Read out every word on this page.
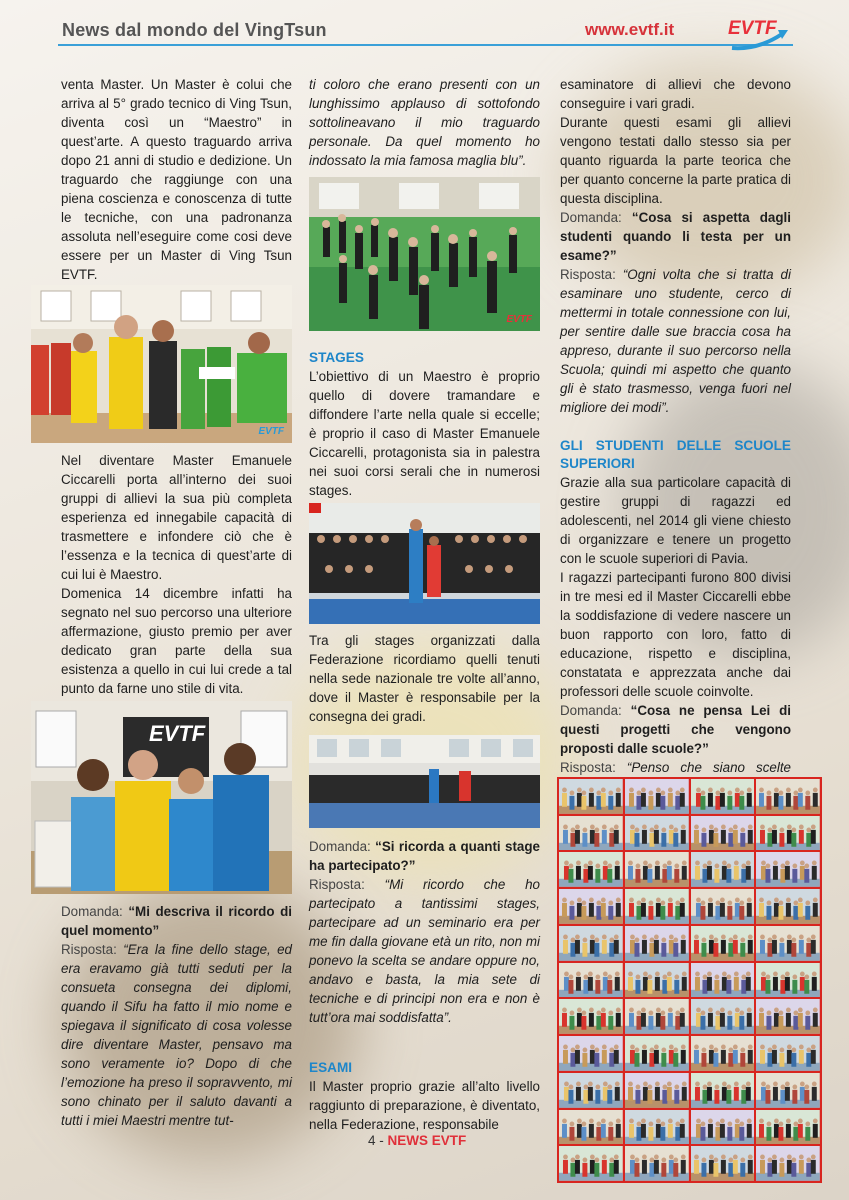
News dal mondo del VingTsun	www.evtf.it	EVTF

venta Master. Un Master è colui che arriva al 5° grado tecnico di Ving Tsun, diventa così un “Maestro” in quest’arte. A questo traguardo arriva dopo 21 anni di studio e dedizione. Un traguardo che raggiunge con una piena coscienza e conoscenza di tutte le tecniche, con una padronanza assoluta nell’eseguire come cosi deve essere per un Master di Ving Tsun EVTF.

EVTF

Nel diventare Master Emanuele Ciccarelli porta all’interno dei suoi gruppi di allievi la sua più completa esperienza ed innegabile capacità di trasmettere e infondere ciò che è l’essenza e la tecnica di quest’arte di cui lui è Maestro.

Domenica 14 dicembre infatti ha segnato nel suo percorso una ulteriore affermazione, giusto premio per aver dedicato gran parte della sua esistenza a quello in cui lui crede a tal punto da farne uno stile di vita.

EVTF

Domanda: “Mi descriva il ricordo di quel momento”

Risposta: “Era la fine dello stage, ed era eravamo già tutti seduti per la consueta consegna dei diplomi, quando il Sifu ha fatto il mio nome e spiegava il significato di cosa volesse dire diventare Master, pensavo ma sono veramente io? Dopo di che l’emozione ha preso il sopravvento, mi sono chinato per il saluto davanti a tutti i miei Maestri mentre tut-

ti coloro che erano presenti con un lunghissimo applauso di sottofondo sottolineavano il mio traguardo personale. Da quel momento ho indossato la mia famosa maglia blu”.

EVTF

STAGES

L’obiettivo di un Maestro è proprio quello di dovere tramandare e diffondere l’arte nella quale si eccelle; è proprio il caso di Master Emanuele Ciccarelli, protagonista sia in palestra nei suoi corsi serali che in numerosi stages.

Tra gli stages organizzati dalla Federazione ricordiamo quelli tenuti nella sede nazionale tre volte all’anno, dove il Master è responsabile per la consegna dei gradi.

Domanda: “Si ricorda a quanti stage ha partecipato?”

Risposta: “Mi ricordo che ho partecipato a tantissimi stages, partecipare ad un seminario era per me fin dalla giovane età un rito, non mi ponevo la scelta se andare oppure no, andavo e basta, la mia sete di tecniche e di principi non era e non è tutt’ora mai soddisfatta”.

ESAMI

Il Master proprio grazie all’alto livello raggiunto di preparazione, è diventato, nella Federazione, responsabile

esaminatore di allievi che devono conseguire i vari gradi.

Durante questi esami gli allievi vengono testati dallo stesso sia per quanto riguarda la parte teorica che per quanto concerne la parte pratica di questa disciplina.

Domanda: “Cosa si aspetta dagli studenti quando li testa per un esame?”

Risposta: “Ogni volta che si tratta di esaminare uno studente, cerco di mettermi in totale connessione con lui, per sentire dalle sue braccia cosa ha appreso, durante il suo percorso nella Scuola; quindi mi aspetto che quanto gli è stato trasmesso, venga fuori nel migliore dei modi”.

GLI STUDENTI DELLE SCUOLE SUPERIORI

Grazie alla sua particolare capacità di gestire gruppi di ragazzi ed adolescenti, nel 2014 gli viene chiesto di organizzare e tenere un progetto con le scuole superiori di Pavia.

I ragazzi partecipanti furono 800 divisi in tre mesi ed il Master Ciccarelli ebbe la soddisfazione di vedere nascere un buon rapporto con loro, fatto di educazione, rispetto e disciplina, constatata e apprezzata anche dai professori delle scuole coinvolte.

Domanda: “Cosa ne pensa Lei di questi progetti che vengono proposti dalle scuole?”

Risposta: “Penso che siano scelte

4 - NEWS EVTF
